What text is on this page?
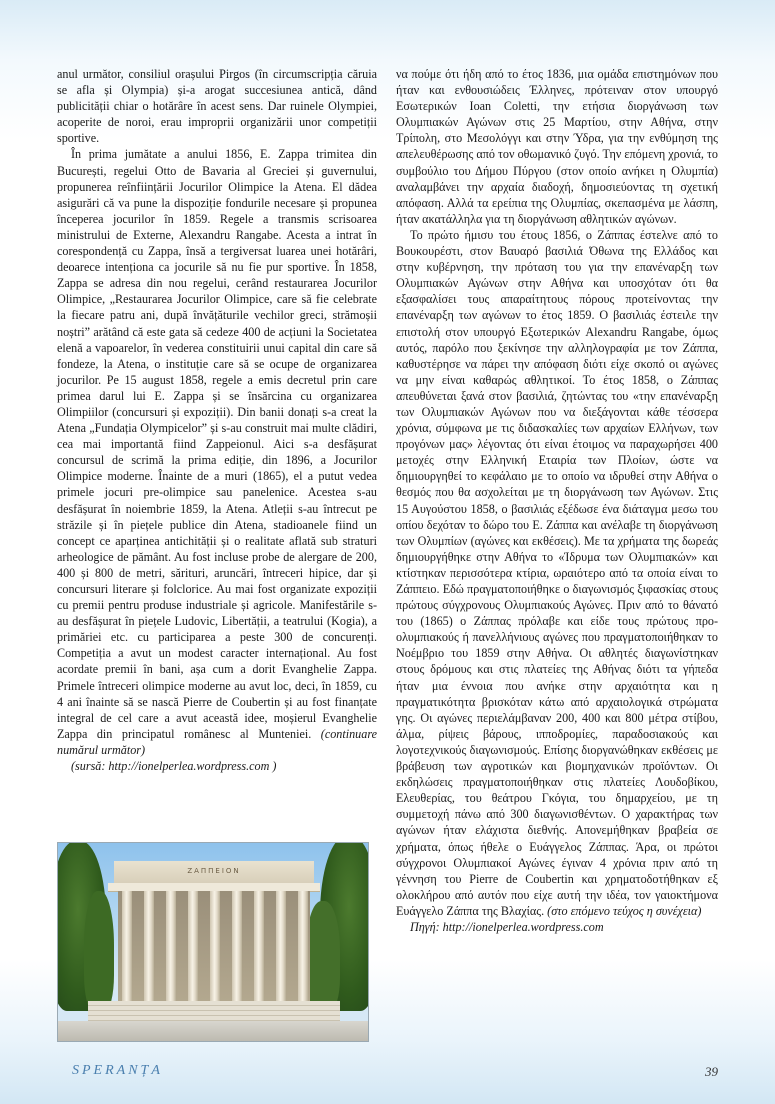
anul următor, consiliul orașului Pirgos (în circumscripția căruia se afla și Olympia) și-a arogat succesiunea antică, dând publicității chiar o hotărâre în acest sens. Dar ruinele Olympiei, acoperite de noroi, erau improprii organizării unor competiții sportive.

În prima jumătate a anului 1856, E. Zappa trimitea din București, regelui Otto de Bavaria al Greciei și guvernului, propunerea reînființării Jocurilor Olimpice la Atena. El dădea asigurări că va pune la dispoziție fondurile necesare și propunea începerea jocurilor în 1859. Regele a transmis scrisoarea ministrului de Externe, Alexandru Rangabe. Acesta a intrat în corespondență cu Zappa, însă a tergiversat luarea unei hotărâri, deoarece intenționa ca jocurile să nu fie pur sportive. În 1858, Zappa se adresa din nou regelui, cerând restaurarea Jocurilor Olimpice, „Restaurarea Jocurilor Olimpice, care să fie celebrate la fiecare patru ani, după învățăturile vechilor greci, strămoșii noștri” arătând că este gata să cedeze 400 de acțiuni la Societatea elenă a vapoarelor, în vederea constituirii unui capital din care să fondeze, la Atena, o instituție care să se ocupe de organizarea jocurilor. Pe 15 august 1858, regele a emis decretul prin care primea darul lui E. Zappa și se însărcina cu organizarea Olimpiilor (concursuri și expoziții). Din banii donați s-a creat la Atena „Fundația Olympicelor” și s-au construit mai multe clădiri, cea mai importantă fiind Zappeionul. Aici s-a desfășurat concursul de scrimă la prima ediție, din 1896, a Jocurilor Olimpice moderne. Înainte de a muri (1865), el a putut vedea primele jocuri pre-olimpice sau panelenice. Acestea s-au desfășurat în noiembrie 1859, la Atena. Atleții s-au întrecut pe străzile și în piețele publice din Atena, stadioanele fiind un concept ce aparținea antichității și o realitate aflată sub straturi arheologice de pământ. Au fost incluse probe de alergare de 200, 400 și 800 de metri, sărituri, aruncări, întreceri hipice, dar și concursuri literare și folclorice. Au mai fost organizate expoziții cu premii pentru produse industriale și agricole. Manifestările s-au desfășurat în piețele Ludovic, Libertății, a teatrului (Kogia), a primăriei etc. cu participarea a peste 300 de concurenți. Competiția a avut un modest caracter internațional. Au fost acordate premii în bani, așa cum a dorit Evanghelie Zappa. Primele întreceri olimpice moderne au avut loc, deci, în 1859, cu 4 ani înainte să se nască Pierre de Coubertin și au fost finanțate integral de cel care a avut această idee, moșierul Evanghelie Zappa din principatul românesc al Munteniei. (continuare numărul următor)

(sursă: http://ionelperlea.wordpress.com )

ΖΑΠΠΕΙΟΝ

να πούμε ότι ήδη από το έτος 1836, μια ομάδα επιστημόνων που ήταν και ενθουσιώδεις Έλληνες, πρότειναν στον υπουργό Εσωτερικών Ioan Coletti, την ετήσια διοργάνωση των Ολυμπιακών Αγώνων στις 25 Μαρτίου, στην Αθήνα, στην Τρίπολη, στο Μεσολόγγι και στην Ύδρα, για την ενθύμηση της απελευθέρωσης από τον οθωμανικό ζυγό. Την επόμενη χρονιά, το συμβούλιο του Δήμου Πύργου (στον οποίο ανήκει η Ολυμπία) αναλαμβάνει την αρχαία διαδοχή, δημοσιεύοντας τη σχετική απόφαση. Αλλά τα ερείπια της Ολυμπίας, σκεπασμένα με λάσπη, ήταν ακατάλληλα για τη διοργάνωση αθλητικών αγώνων.

Το πρώτο ήμισυ του έτους 1856, ο Ζάππας έστελνε από το Βουκουρέστι, στον Βαυαρό βασιλιά Όθωνα της Ελλάδος και στην κυβέρνηση, την πρόταση του για την επανέναρξη των Ολυμπιακών Αγώνων στην Αθήνα και υποσχόταν ότι θα εξασφαλίσει τους απαραίτητους πόρους προτείνοντας την επανέναρξη των αγώνων το έτος 1859. Ο βασιλιάς έστειλε την επιστολή στον υπουργό Εξωτερικών Alexandru Rangabe, όμως αυτός, παρόλο που ξεκίνησε την αλληλογραφία με τον Ζάππα, καθυστέρησε να πάρει την απόφαση διότι είχε σκοπό οι αγώνες να μην είναι καθαρώς αθλητικοί. Το έτος 1858, ο Ζάππας απευθύνεται ξανά στον βασιλιά, ζητώντας του «την επανέναρξη των Ολυμπιακών Αγώνων που να διεξάγονται κάθε τέσσερα χρόνια, σύμφωνα με τις διδασκαλίες των αρχαίων Ελλήνων, των προγόνων μας» λέγοντας ότι είναι έτοιμος να παραχωρήσει 400 μετοχές στην Ελληνική Εταιρία των Πλοίων, ώστε να δημιουργηθεί το κεφάλαιο με το οποίο να ιδρυθεί στην Αθήνα ο θεσμός που θα ασχολείται με τη διοργάνωση των Αγώνων. Στις 15 Αυγούστου 1858, ο βασιλιάς εξέδωσε ένα διάταγμα μεσω του οπίου δεχόταν το δώρο του Ε. Ζάππα και ανέλαβε τη διοργάνωση των Ολυμπίων (αγώνες και εκθέσεις). Με τα χρήματα της δωρεάς δημιουργήθηκε στην Αθήνα το «Ίδρυμα των Ολυμπιακών» και κτίστηκαν περισσότερα κτίρια, ωραιότερο από τα οποία είναι το Ζάππειο. Εδώ πραγματοποιήθηκε ο διαγωνισμός ξιφασκίας στους πρώτους σύγχρονους Ολυμπιακούς Αγώνες. Πριν από το θάνατό του (1865) ο Ζάππας πρόλαβε και είδε τους πρώτους προ-ολυμπιακούς ή πανελλήνιους αγώνες που πραγματοποιήθηκαν το Νοέμβριο του 1859 στην Αθήνα. Οι αθλητές διαγωνίστηκαν στους δρόμους και στις πλατείες της Αθήνας διότι τα γήπεδα ήταν μια έννοια που ανήκε στην αρχαιότητα και η πραγματικότητα βρισκόταν κάτω από αρχαιολογικά στρώματα γης. Οι αγώνες περιελάμβαναν 200, 400 και 800 μέτρα στίβου, άλμα, ρίψεις βάρους, ιπποδρομίες, παραδοσιακούς και λογοτεχνικούς διαγωνισμούς. Επίσης διοργανώθηκαν εκθέσεις με βράβευση των αγροτικών και βιομηχανικών προϊόντων. Οι εκδηλώσεις πραγματοποιήθηκαν στις πλατείες Λουδοβίκου, Ελευθερίας, του θεάτρου Γκόγια, του δημαρχείου, με τη συμμετοχή πάνω από 300 διαγωνισθέντων. Ο χαρακτήρας των αγώνων ήταν ελάχιστα διεθνής. Απονεμήθηκαν βραβεία σε χρήματα, όπως ήθελε ο Ευάγγελος Ζάππας. Άρα, οι πρώτοι σύγχρονοι Ολυμπιακοί Αγώνες έγιναν 4 χρόνια πριν από τη γέννηση του Pierre de Coubertin και χρηματοδοτήθηκαν εξ ολοκλήρου από αυτόν που είχε αυτή την ιδέα, τον γαιοκτήμονα Ευάγγελο Ζάππα της Βλαχίας. (στο επόμενο τεύχος η συνέχεια)

Πηγή: http://ionelperlea.wordpress.com

SPERANȚA	39
